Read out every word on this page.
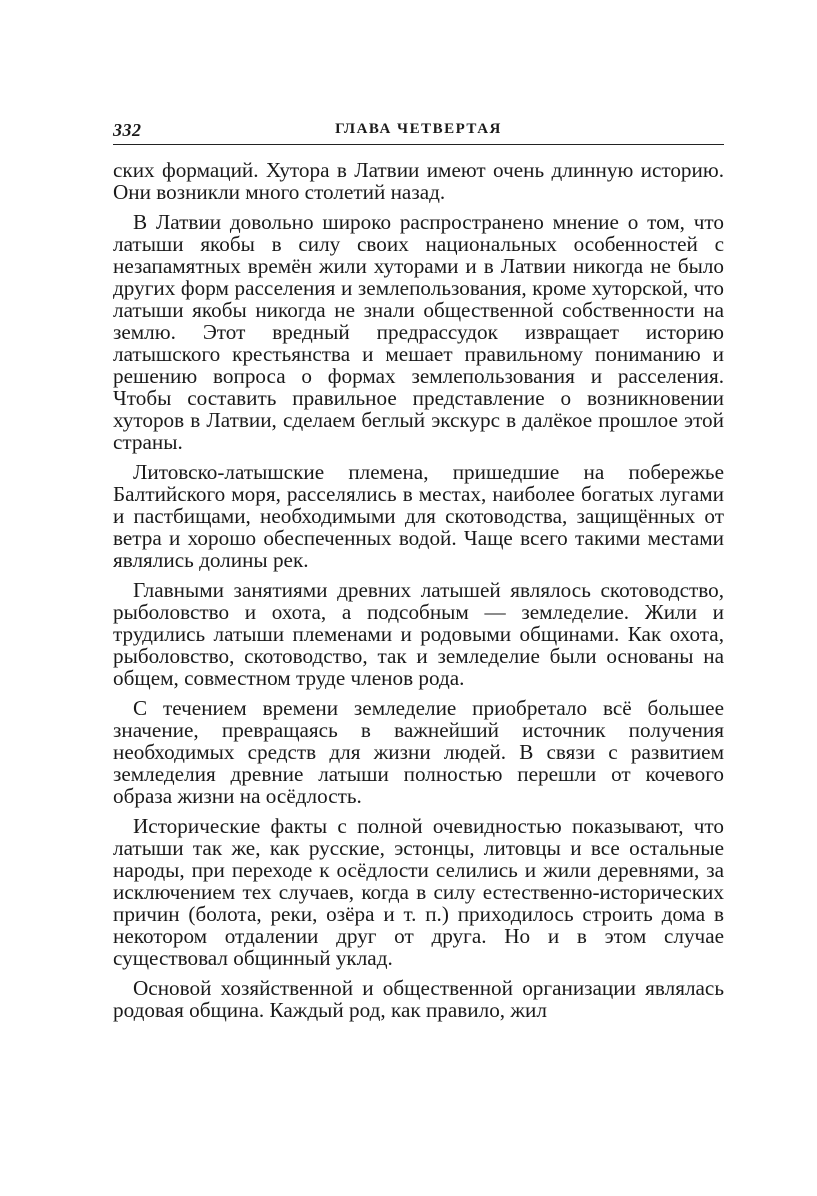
332	ГЛАВА ЧЕТВЕРТАЯ

ских формаций. Хутора в Латвии имеют очень длинную историю. Они возникли много столетий назад.

В Латвии довольно широко распространено мнение о том, что латыши якобы в силу своих национальных особенностей с незапамятных времён жили хуторами и в Латвии никогда не было других форм расселения и землепользования, кроме хуторской, что латыши якобы никогда не знали общественной собственности на землю. Этот вредный предрассудок извращает историю латышского крестьянства и мешает правильному пониманию и решению вопроса о формах землепользования и расселения. Чтобы составить правильное представление о возникновении хуторов в Латвии, сделаем беглый экскурс в далёкое прошлое этой страны.

Литовско-латышские племена, пришедшие на побережье Балтийского моря, расселялись в местах, наиболее богатых лугами и пастбищами, необходимыми для скотоводства, защищённых от ветра и хорошо обеспеченных водой. Чаще всего такими местами являлись долины рек.

Главными занятиями древних латышей являлось скотоводство, рыболовство и охота, а подсобным — земледелие. Жили и трудились латыши племенами и родовыми общинами. Как охота, рыболовство, скотоводство, так и земледелие были основаны на общем, совместном труде членов рода.

С течением времени земледелие приобретало всё большее значение, превращаясь в важнейший источник получения необходимых средств для жизни людей. В связи с развитием земледелия древние латыши полностью перешли от кочевого образа жизни на осёдлость.

Исторические факты с полной очевидностью показывают, что латыши так же, как русские, эстонцы, литовцы и все остальные народы, при переходе к осёдлости селились и жили деревнями, за исключением тех случаев, когда в силу естественно-исторических причин (болота, реки, озёра и т. п.) приходилось строить дома в некотором отдалении друг от друга. Но и в этом случае существовал общинный уклад.

Основой хозяйственной и общественной организации являлась родовая община. Каждый род, как правило, жил
